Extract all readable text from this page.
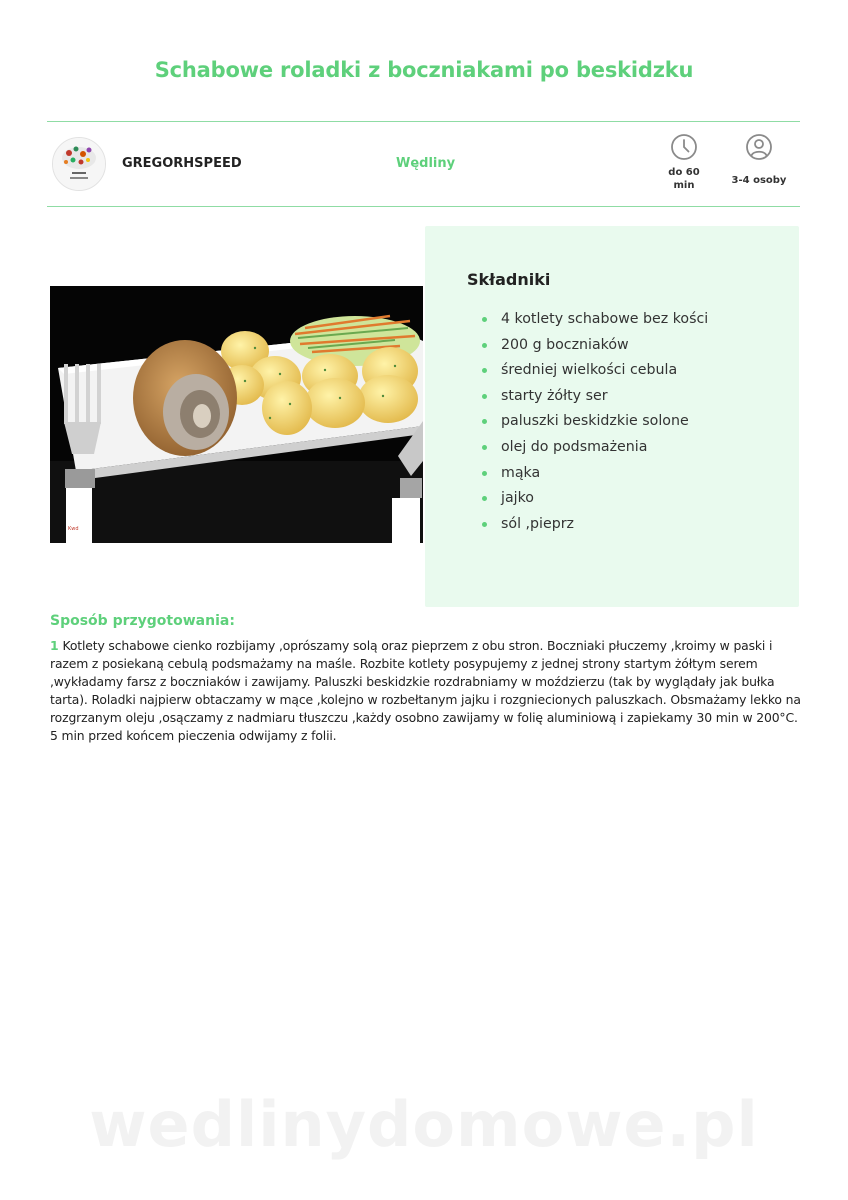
Schabowe roladki z boczniakami po beskidzku
GREGORHSPEED	Wędliny
do 60
min	3-4 osoby
Kwd
Składniki
4 kotlety schabowe bez kości
200 g boczniaków
średniej wielkości cebula
starty żółty ser
paluszki beskidzkie solone
olej do podsmażenia
mąka
jajko
sól ,pieprz
Sposób przygotowania:
1 Kotlety schabowe cienko rozbijamy ,oprószamy solą oraz pieprzem z obu stron. Boczniaki płuczemy ,kroimy w paski i razem z posiekaną cebulą podsmażamy na maśle. Rozbite kotlety posypujemy z jednej strony startym żółtym serem ,wykładamy farsz z boczniaków i zawijamy. Paluszki beskidzkie rozdrabniamy w moździerzu (tak by wyglądały jak bułka tarta). Roladki najpierw obtaczamy w mące ,kolejno w rozbełtanym jajku i rozgniecionych paluszkach. Obsmażamy lekko na rozgrzanym oleju ,osączamy z nadmiaru tłuszczu ,każdy osobno zawijamy w folię aluminiową i zapiekamy 30 min w 200°C. 5 min przed końcem pieczenia odwijamy z folii.
wedlinydomowe.pl
